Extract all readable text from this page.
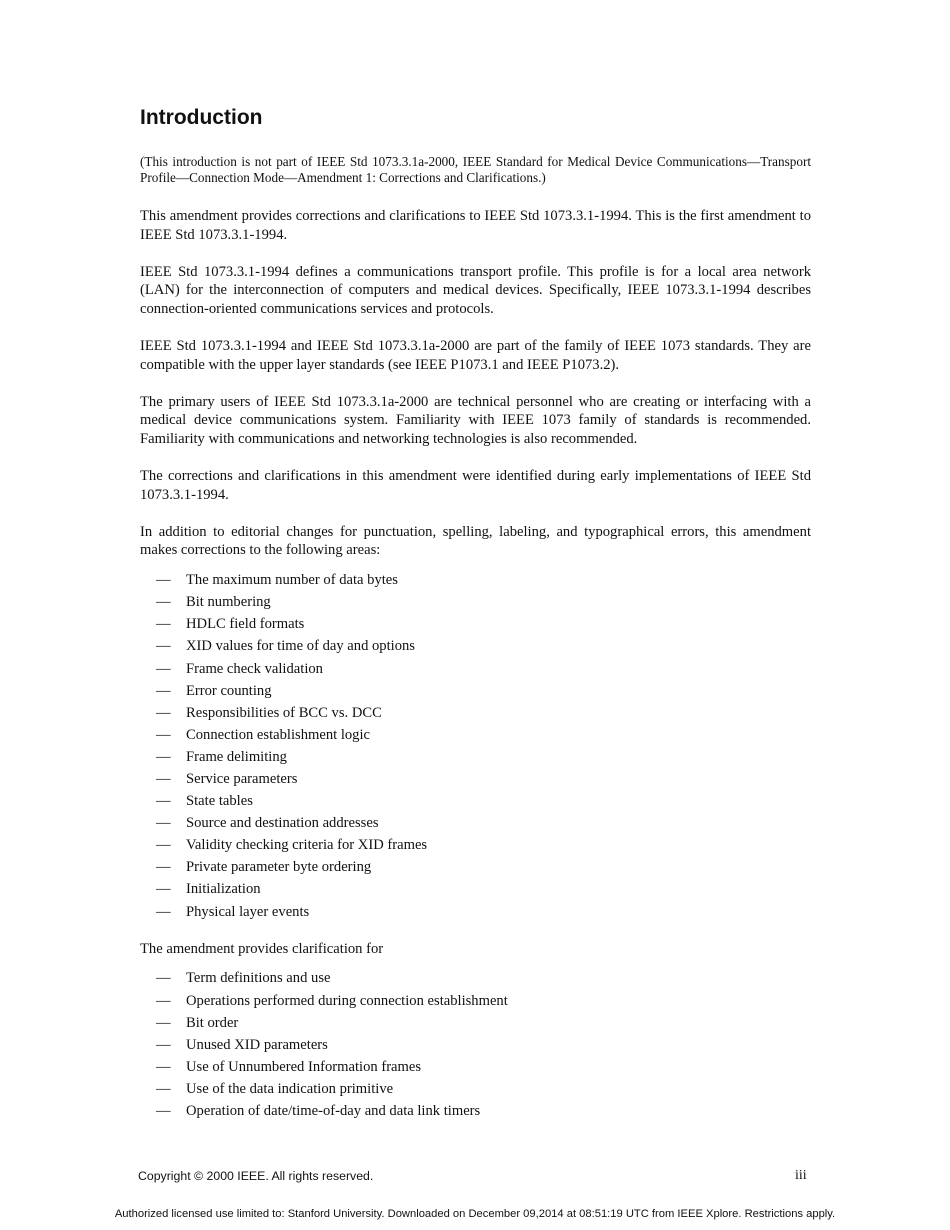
Introduction

(This introduction is not part of IEEE Std 1073.3.1a-2000, IEEE Standard for Medical Device Communications—Transport Profile—Connection Mode—Amendment 1: Corrections and Clarifications.)

This amendment provides corrections and clarifications to IEEE Std 1073.3.1-1994. This is the first amendment to IEEE Std 1073.3.1-1994.

IEEE Std 1073.3.1-1994 defines a communications transport profile. This profile is for a local area network (LAN) for the interconnection of computers and medical devices. Specifically, IEEE 1073.3.1-1994 describes connection-oriented communications services and protocols.

IEEE Std 1073.3.1-1994 and IEEE Std 1073.3.1a-2000 are part of the family of IEEE 1073 standards. They are compatible with the upper layer standards (see IEEE P1073.1 and IEEE P1073.2).

The primary users of IEEE Std 1073.3.1a-2000 are technical personnel who are creating or interfacing with a medical device communications system. Familiarity with IEEE 1073 family of standards is recommended. Familiarity with communications and networking technologies is also recommended.

The corrections and clarifications in this amendment were identified during early implementations of IEEE Std 1073.3.1-1994.

In addition to editorial changes for punctuation, spelling, labeling, and typographical errors, this amendment makes corrections to the following areas:

— The maximum number of data bytes
— Bit numbering
— HDLC field formats
— XID values for time of day and options
— Frame check validation
— Error counting
— Responsibilities of BCC vs. DCC
— Connection establishment logic
— Frame delimiting
— Service parameters
— State tables
— Source and destination addresses
— Validity checking criteria for XID frames
— Private parameter byte ordering
— Initialization
— Physical layer events

The amendment provides clarification for

— Term definitions and use
— Operations performed during connection establishment
— Bit order
— Unused XID parameters
— Use of Unnumbered Information frames
— Use of the data indication primitive
— Operation of date/time-of-day and data link timers
Copyright © 2000 IEEE. All rights reserved.	iii
Authorized licensed use limited to: Stanford University. Downloaded on December 09,2014 at 08:51:19 UTC from IEEE Xplore. Restrictions apply.
